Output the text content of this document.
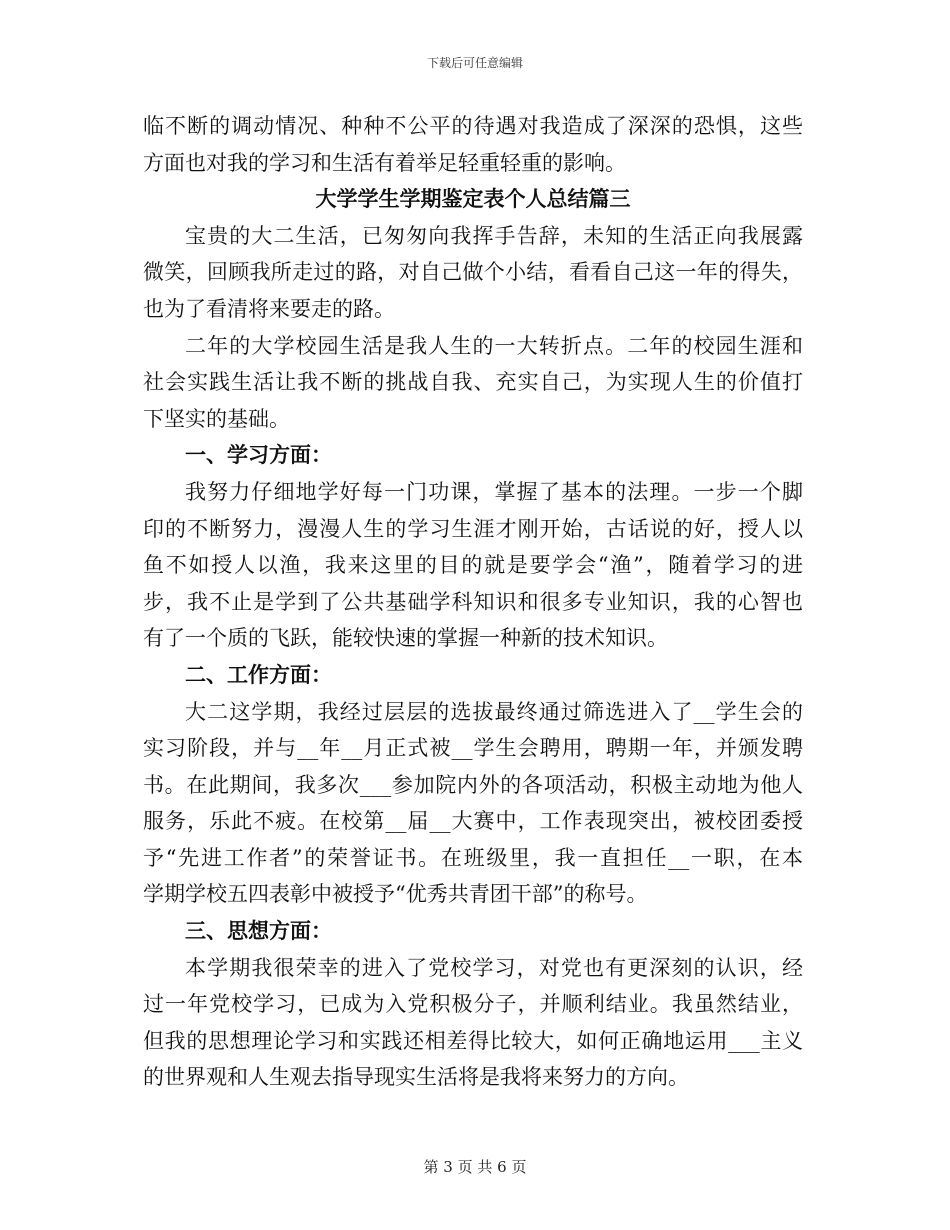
下载后可任意编辑
临不断的调动情况、种种不公平的待遇对我造成了深深的恐惧，这些
方面也对我的学习和生活有着举足轻重轻重的影响。
大学学生学期鉴定表个人总结篇三
宝贵的大二生活，已匆匆向我挥手告辞，未知的生活正向我展露
微笑，回顾我所走过的路，对自己做个小结，看看自己这一年的得失，
也为了看清将来要走的路。
二年的大学校园生活是我人生的一大转折点。二年的校园生涯和
社会实践生活让我不断的挑战自我、充实自己，为实现人生的价值打
下坚实的基础。
一、学习方面：
我努力仔细地学好每一门功课，掌握了基本的法理。一步一个脚
印的不断努力，漫漫人生的学习生涯才刚开始，古话说的好，授人以
鱼不如授人以渔，我来这里的目的就是要学会“渔”，随着学习的进
步，我不止是学到了公共基础学科知识和很多专业知识，我的心智也
有了一个质的飞跃，能较快速的掌握一种新的技术知识。
二、工作方面：
大二这学期，我经过层层的选拔最终通过筛选进入了__学生会的
实习阶段，并与__年__月正式被__学生会聘用，聘期一年，并颁发聘
书。在此期间，我多次___参加院内外的各项活动，积极主动地为他人
服务，乐此不疲。在校第__届__大赛中，工作表现突出，被校团委授
予“先进工作者”的荣誉证书。在班级里，我一直担任__一职，在本
学期学校五四表彰中被授予“优秀共青团干部”的称号。
三、思想方面：
本学期我很荣幸的进入了党校学习，对党也有更深刻的认识，经
过一年党校学习，已成为入党积极分子，并顺利结业。我虽然结业，
但我的思想理论学习和实践还相差得比较大，如何正确地运用___主义
的世界观和人生观去指导现实生活将是我将来努力的方向。
第 3 页 共 6 页
